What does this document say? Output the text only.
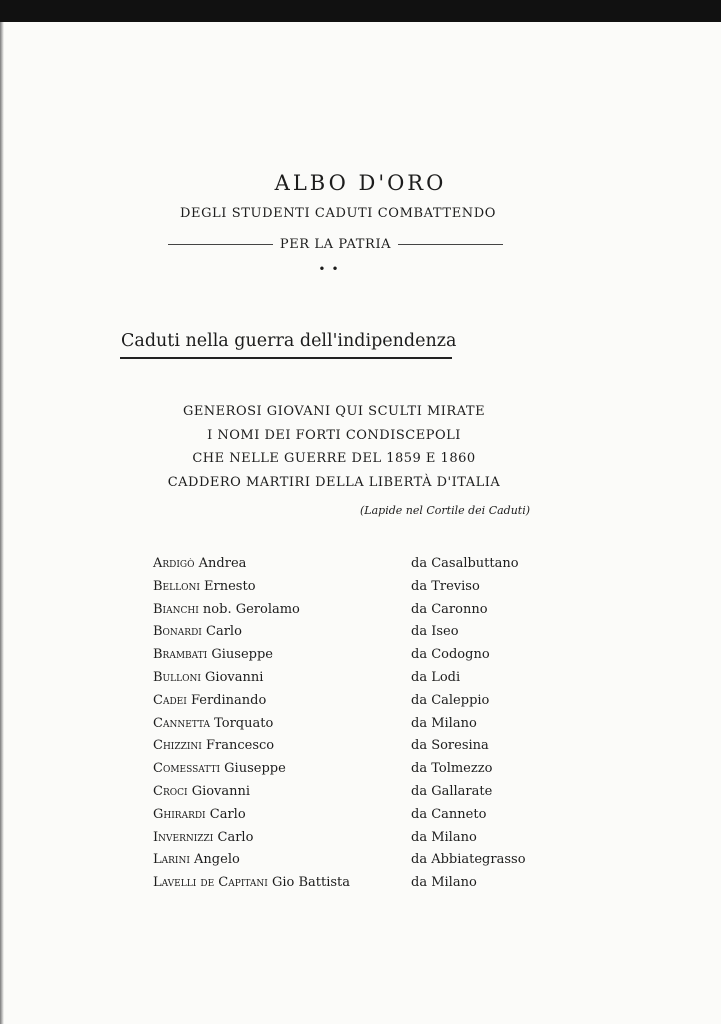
ALBO D'ORO
DEGLI STUDENTI CADUTI COMBATTENDO
PER LA PATRIA
••
Caduti nella guerra dell'indipendenza
GENEROSI GIOVANI QUI SCULTI MIRATE
I NOMI DEI FORTI CONDISCEPOLI
CHE NELLE GUERRE DEL 1859 E 1860
CADDERO MARTIRI DELLA LIBERTÀ D'ITALIA
(Lapide nel Cortile dei Caduti)
Ardigò Andrea	da Casalbuttano
Belloni Ernesto	da Treviso
Bianchi nob. Gerolamo	da Caronno
Bonardi Carlo	da Iseo
Brambati Giuseppe	da Codogno
Bulloni Giovanni	da Lodi
Cadei Ferdinando	da Caleppio
Cannetta Torquato	da Milano
Chizzini Francesco	da Soresina
Comessatti Giuseppe	da Tolmezzo
Croci Giovanni	da Gallarate
Ghirardi Carlo	da Canneto
Invernizzi Carlo	da Milano
Larini Angelo	da Abbiategrasso
Lavelli de Capitani Gio Battista	da Milano
